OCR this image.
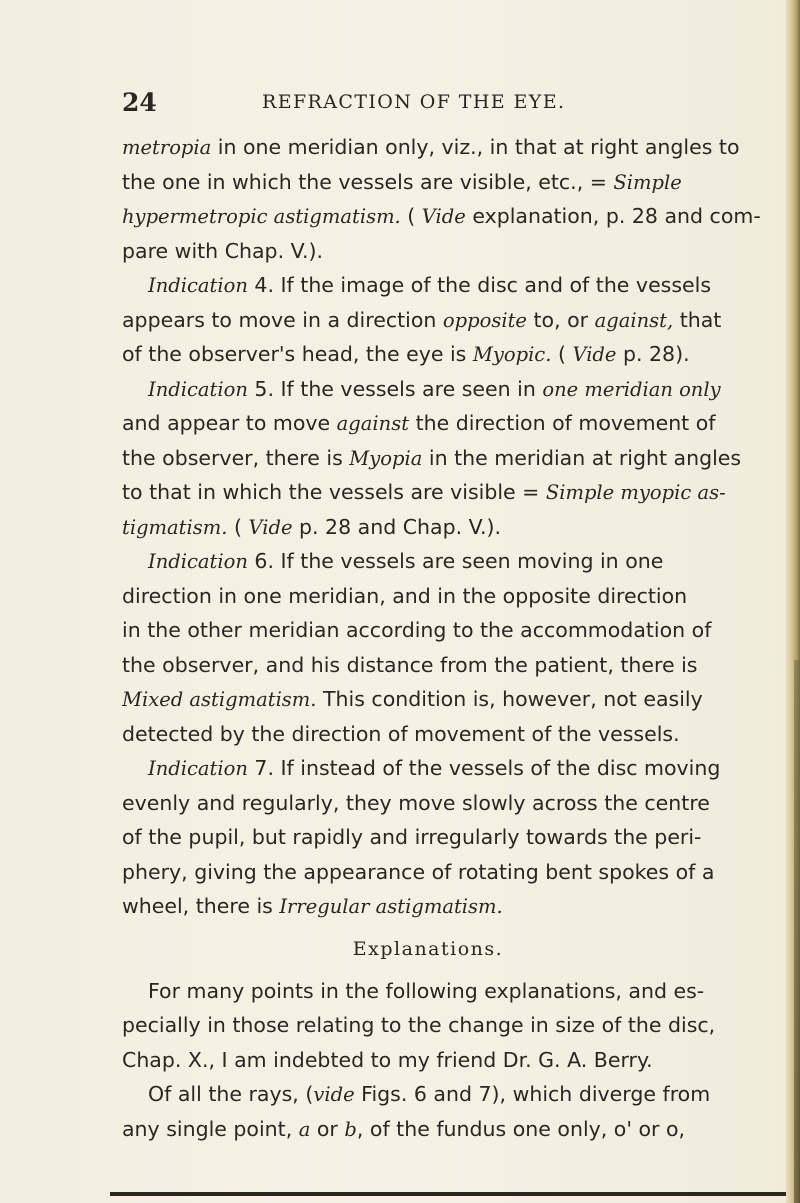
24	REFRACTION OF THE EYE.
metropia in one meridian only, viz., in that at right angles to
the one in which the vessels are visible, etc., = Simple
hypermetropic astigmatism. ( Vide explanation, p. 28 and com-
pare with Chap. V.).
Indication 4. If the image of the disc and of the vessels
appears to move in a direction opposite to, or against, that
of the observer's head, the eye is Myopic. ( Vide p. 28).
Indication 5. If the vessels are seen in one meridian only
and appear to move against the direction of movement of
the observer, there is Myopia in the meridian at right angles
to that in which the vessels are visible = Simple myopic as-
tigmatism. ( Vide p. 28 and Chap. V.).
Indication 6. If the vessels are seen moving in one
direction in one meridian, and in the opposite direction
in the other meridian according to the accommodation of
the observer, and his distance from the patient, there is
Mixed astigmatism. This condition is, however, not easily
detected by the direction of movement of the vessels.
Indication 7. If instead of the vessels of the disc moving
evenly and regularly, they move slowly across the centre
of the pupil, but rapidly and irregularly towards the peri-
phery, giving the appearance of rotating bent spokes of a
wheel, there is Irregular astigmatism.
Explanations.
For many points in the following explanations, and es-
pecially in those relating to the change in size of the disc,
Chap. X., I am indebted to my friend Dr. G. A. Berry.
Of all the rays, (vide Figs. 6 and 7), which diverge from
any single point, a or b, of the fundus one only, o' or o,
